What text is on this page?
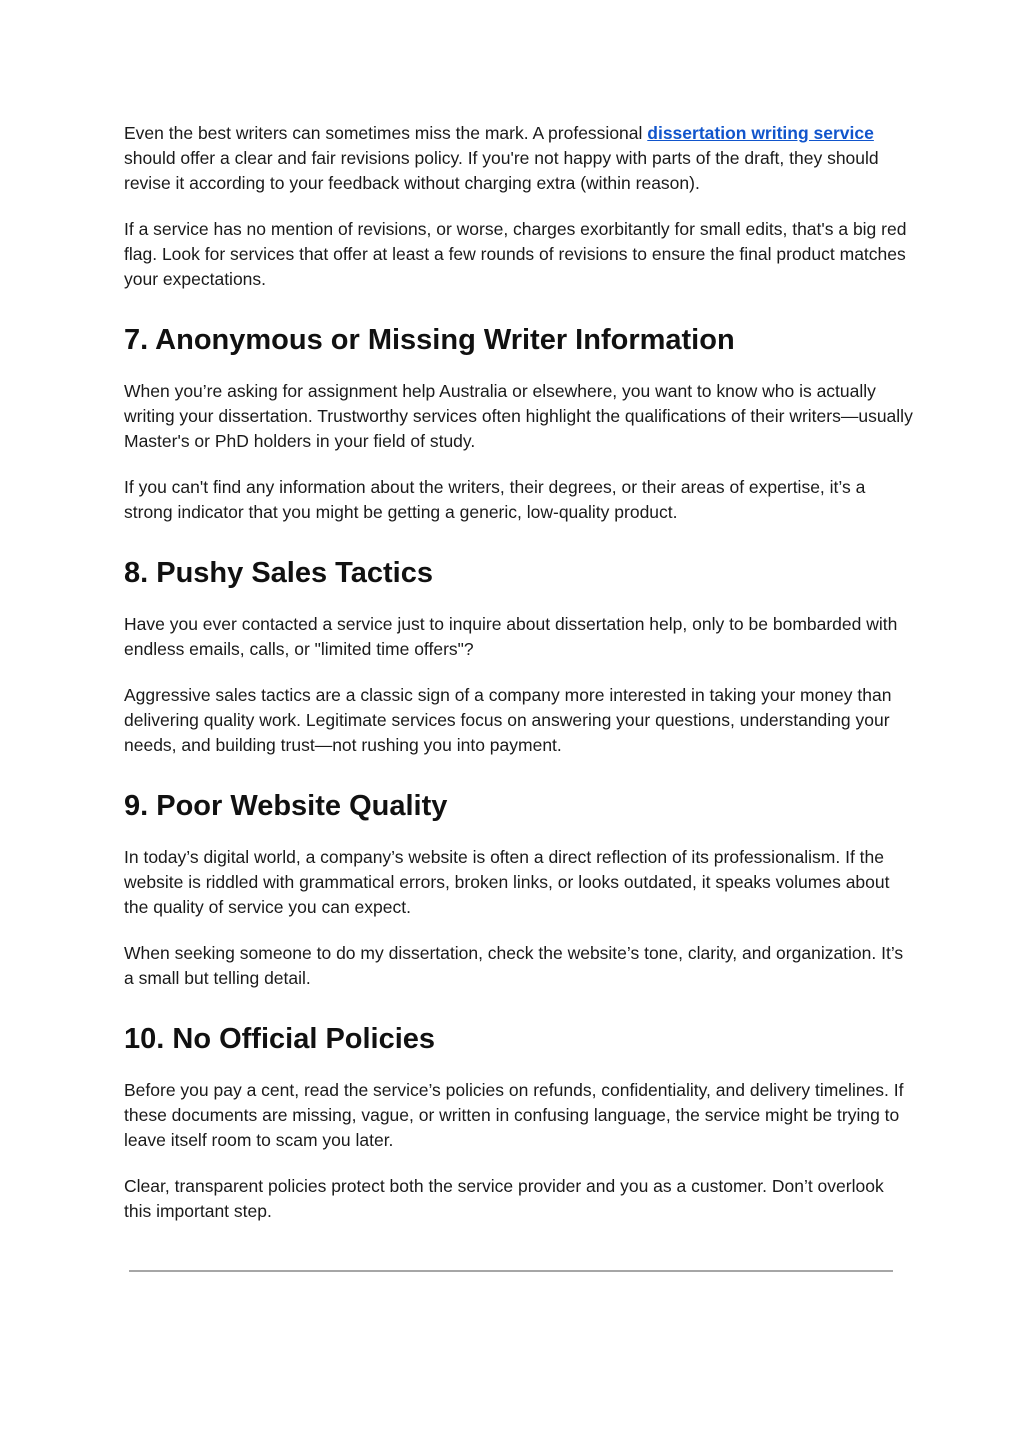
Even the best writers can sometimes miss the mark. A professional dissertation writing service should offer a clear and fair revisions policy. If you're not happy with parts of the draft, they should revise it according to your feedback without charging extra (within reason).

If a service has no mention of revisions, or worse, charges exorbitantly for small edits, that's a big red flag. Look for services that offer at least a few rounds of revisions to ensure the final product matches your expectations.

7. Anonymous or Missing Writer Information

When you’re asking for assignment help Australia or elsewhere, you want to know who is actually writing your dissertation. Trustworthy services often highlight the qualifications of their writers—usually Master's or PhD holders in your field of study.

If you can't find any information about the writers, their degrees, or their areas of expertise, it’s a strong indicator that you might be getting a generic, low-quality product.

8. Pushy Sales Tactics

Have you ever contacted a service just to inquire about dissertation help, only to be bombarded with endless emails, calls, or "limited time offers"?

Aggressive sales tactics are a classic sign of a company more interested in taking your money than delivering quality work. Legitimate services focus on answering your questions, understanding your needs, and building trust—not rushing you into payment.

9. Poor Website Quality

In today’s digital world, a company’s website is often a direct reflection of its professionalism. If the website is riddled with grammatical errors, broken links, or looks outdated, it speaks volumes about the quality of service you can expect.

When seeking someone to do my dissertation, check the website’s tone, clarity, and organization. It’s a small but telling detail.

10. No Official Policies

Before you pay a cent, read the service’s policies on refunds, confidentiality, and delivery timelines. If these documents are missing, vague, or written in confusing language, the service might be trying to leave itself room to scam you later.

Clear, transparent policies protect both the service provider and you as a customer. Don’t overlook this important step.
